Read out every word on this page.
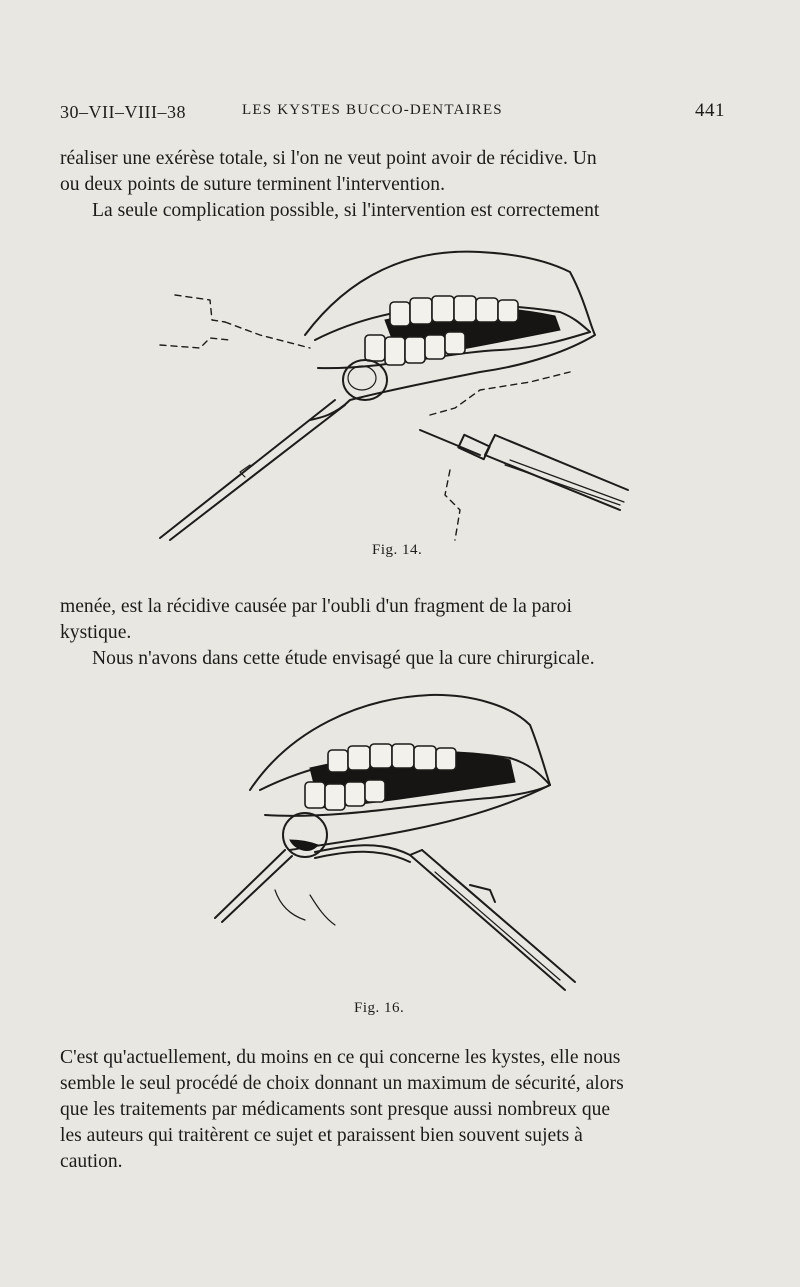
30–VII–VIII–38	LES KYSTES BUCCO-DENTAIRES	441

réaliser une exérèse totale, si l'on ne veut point avoir de récidive. Un

ou deux points de suture terminent l'intervention.

La seule complication possible, si l'intervention est correctement

Fig. 14.

menée, est la récidive causée par l'oubli d'un fragment de la paroi

kystique.

Nous n'avons dans cette étude envisagé que la cure chirurgicale.

Fig. 16.

C'est qu'actuellement, du moins en ce qui concerne les kystes, elle nous

semble le seul procédé de choix donnant un maximum de sécurité, alors

que les traitements par médicaments sont presque aussi nombreux que

les auteurs qui traitèrent ce sujet et paraissent bien souvent sujets à

caution.
